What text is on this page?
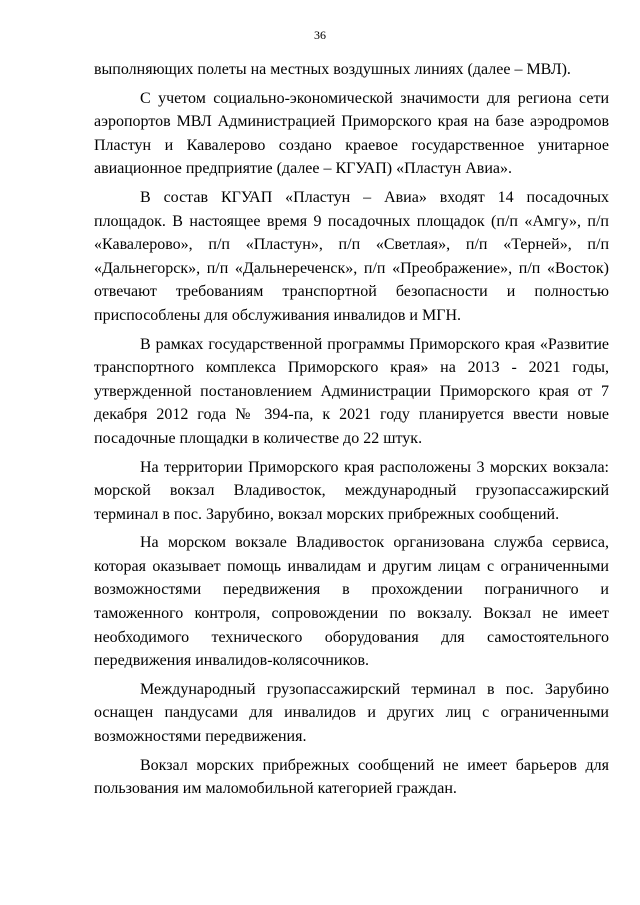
36

выполняющих полеты на местных воздушных линиях (далее – МВЛ).

С учетом социально-экономической значимости для региона сети аэропортов МВЛ Администрацией Приморского края на базе аэродромов Пластун и Кавалерово создано краевое государственное унитарное авиационное предприятие (далее – КГУАП) «Пластун Авиа».

В состав КГУАП «Пластун – Авиа» входят 14 посадочных площадок. В настоящее время 9 посадочных площадок (п/п «Амгу», п/п «Кавалерово», п/п «Пластун», п/п «Светлая», п/п «Терней», п/п «Дальнегорск», п/п «Дальнереченск», п/п «Преображение», п/п «Восток) отвечают требованиям транспортной безопасности и полностью приспособлены для обслуживания инвалидов и МГН.

В рамках государственной программы Приморского края «Развитие транспортного комплекса Приморского края» на 2013 - 2021 годы, утвержденной постановлением Администрации Приморского края от 7 декабря 2012 года № 394-па, к 2021 году планируется ввести новые посадочные площадки в количестве до 22 штук.

На территории Приморского края расположены 3 морских вокзала: морской вокзал Владивосток, международный грузопассажирский терминал в пос. Зарубино, вокзал морских прибрежных сообщений.

На морском вокзале Владивосток организована служба сервиса, которая оказывает помощь инвалидам и другим лицам с ограниченными возможностями передвижения в прохождении пограничного и таможенного контроля, сопровождении по вокзалу. Вокзал не имеет необходимого технического оборудования для самостоятельного передвижения инвалидов-колясочников.

Международный грузопассажирский терминал в пос. Зарубино оснащен пандусами для инвалидов и других лиц с ограниченными возможностями передвижения.

Вокзал морских прибрежных сообщений не имеет барьеров для пользования им маломобильной категорией граждан.
